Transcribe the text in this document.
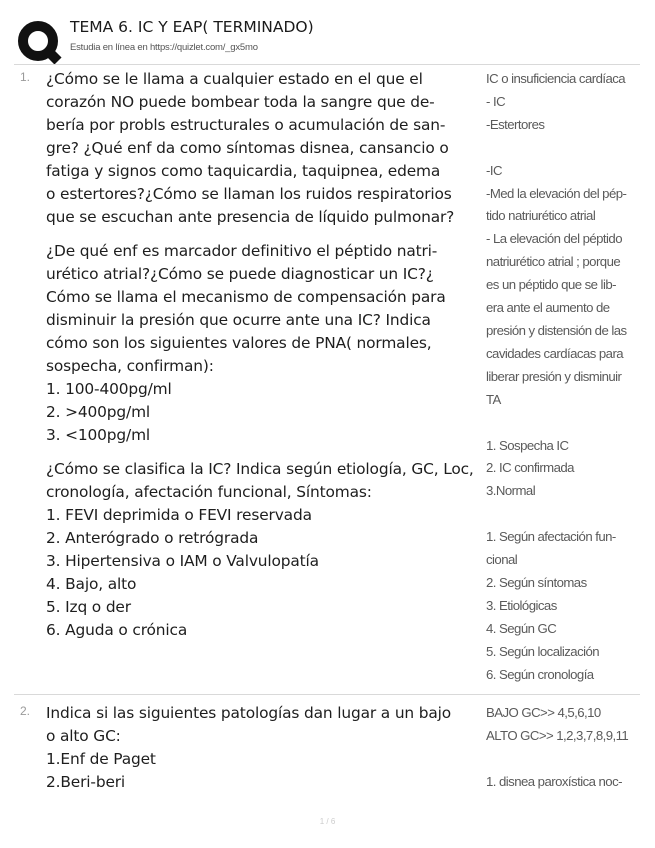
TEMA 6. IC Y EAP( TERMINADO)
Estudia en línea en https://quizlet.com/_gx5mo
1. ¿Cómo se le llama a cualquier estado en el que el
corazón NO puede bombear toda la sangre que de-
bería por probls estructurales o acumulación de san-
gre? ¿Qué enf da como síntomas disnea, cansancio o
fatiga y signos como taquicardia, taquipnea, edema
o estertores?¿Cómo se llaman los ruidos respiratorios
que se escuchan ante presencia de líquido pulmonar?

¿De qué enf es marcador definitivo el péptido natri-
urético atrial?¿Cómo se puede diagnosticar un IC?¿
Cómo se llama el mecanismo de compensación para
disminuir la presión que ocurre ante una IC? Indica
cómo son los siguientes valores de PNA( normales,
sospecha, confirman):
1. 100-400pg/ml
2. >400pg/ml
3. <100pg/ml

¿Cómo se clasifica la IC? Indica según etiología, GC, Loc,
cronología, afectación funcional, Síntomas:
1. FEVI deprimida o FEVI reservada
2. Anterógrado o retrógrada
3. Hipertensiva o IAM o Valvulopatía
4. Bajo, alto
5. Izq o der
6. Aguda o crónica

IC o insuficiencia cardíaca

- IC

-Estertores

-IC

-Med la elevación del pép-

tido natriurético atrial

- La elevación del péptido

natriurético atrial ; porque

es un péptido que se lib-

era ante el aumento de

presión y distensión de las

cavidades cardíacas para

liberar presión y disminuir

TA

1. Sospecha IC

2. IC confirmada

3.Normal

1. Según afectación fun-

cional

2. Según síntomas

3. Etiológicas

4. Según GC

5. Según localización

6. Según cronología

2. Indica si las siguientes patologías dan lugar a un bajo
o alto GC:
1.Enf de Paget
2.Beri-beri

BAJO GC>> 4,5,6,10

ALTO GC>> 1,2,3,7,8,9,11

1. disnea paroxística noc-

1 / 6
